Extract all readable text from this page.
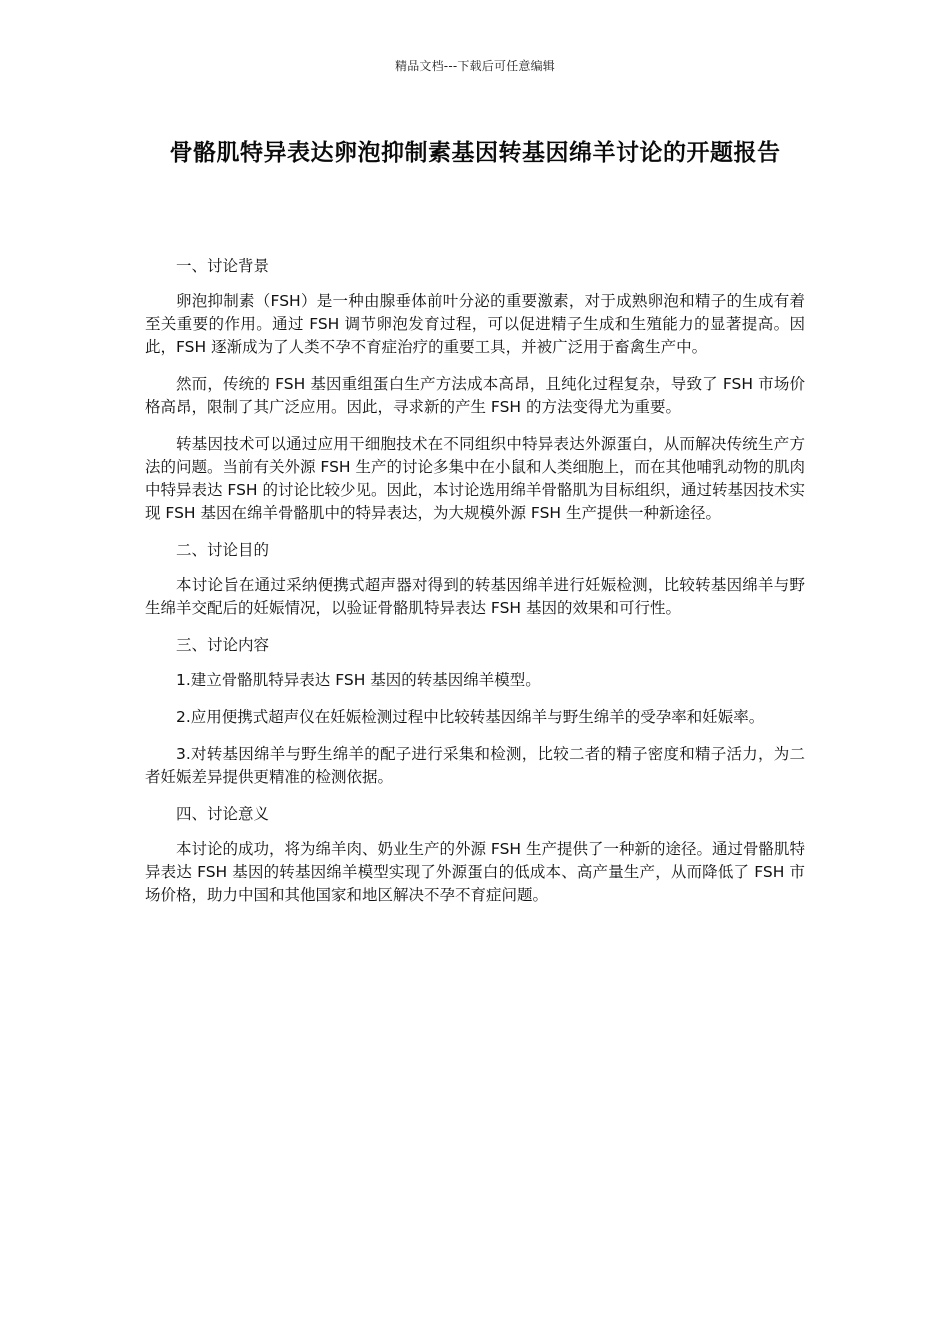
精品文档---下载后可任意编辑
骨骼肌特异表达卵泡抑制素基因转基因绵羊讨论的开题报告

一、讨论背景

卵泡抑制素（FSH）是一种由腺垂体前叶分泌的重要激素，对于成熟卵泡和精子的生成有着至关重要的作用。通过 FSH 调节卵泡发育过程，可以促进精子生成和生殖能力的显著提高。因此，FSH 逐渐成为了人类不孕不育症治疗的重要工具，并被广泛用于畜禽生产中。

然而，传统的 FSH 基因重组蛋白生产方法成本高昂，且纯化过程复杂，导致了 FSH 市场价格高昂，限制了其广泛应用。因此，寻求新的产生 FSH 的方法变得尤为重要。

转基因技术可以通过应用干细胞技术在不同组织中特异表达外源蛋白，从而解决传统生产方法的问题。当前有关外源 FSH 生产的讨论多集中在小鼠和人类细胞上，而在其他哺乳动物的肌肉中特异表达 FSH 的讨论比较少见。因此，本讨论选用绵羊骨骼肌为目标组织，通过转基因技术实现 FSH 基因在绵羊骨骼肌中的特异表达，为大规模外源 FSH 生产提供一种新途径。

二、讨论目的

本讨论旨在通过采纳便携式超声器对得到的转基因绵羊进行妊娠检测，比较转基因绵羊与野生绵羊交配后的妊娠情况，以验证骨骼肌特异表达 FSH 基因的效果和可行性。

三、讨论内容

1.建立骨骼肌特异表达 FSH 基因的转基因绵羊模型。

2.应用便携式超声仪在妊娠检测过程中比较转基因绵羊与野生绵羊的受孕率和妊娠率。

3.对转基因绵羊与野生绵羊的配子进行采集和检测，比较二者的精子密度和精子活力，为二者妊娠差异提供更精准的检测依据。

四、讨论意义

本讨论的成功，将为绵羊肉、奶业生产的外源 FSH 生产提供了一种新的途径。通过骨骼肌特异表达 FSH 基因的转基因绵羊模型实现了外源蛋白的低成本、高产量生产，从而降低了 FSH 市场价格，助力中国和其他国家和地区解决不孕不育症问题。
